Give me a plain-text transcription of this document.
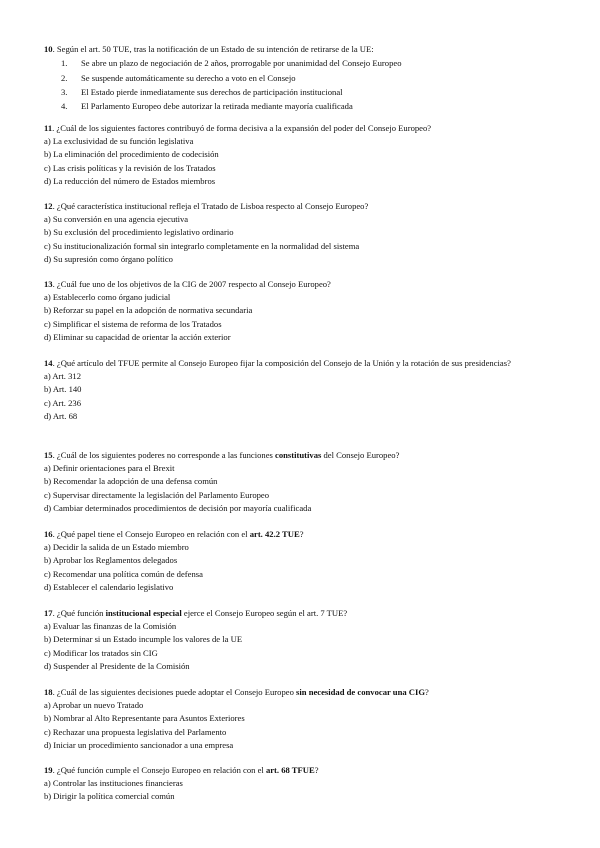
10. Según el art. 50 TUE, tras la notificación de un Estado de su intención de retirarse de la UE:

1. Se abre un plazo de negociación de 2 años, prorrogable por unanimidad del Consejo Europeo
2. Se suspende automáticamente su derecho a voto en el Consejo
3. El Estado pierde inmediatamente sus derechos de participación institucional
4. El Parlamento Europeo debe autorizar la retirada mediante mayoría cualificada

11. ¿Cuál de los siguientes factores contribuyó de forma decisiva a la expansión del poder del Consejo Europeo?

a) La exclusividad de su función legislativa

b) La eliminación del procedimiento de codecisión

c) Las crisis políticas y la revisión de los Tratados

d) La reducción del número de Estados miembros

12. ¿Qué característica institucional refleja el Tratado de Lisboa respecto al Consejo Europeo?

a) Su conversión en una agencia ejecutiva

b) Su exclusión del procedimiento legislativo ordinario

c) Su institucionalización formal sin integrarlo completamente en la normalidad del sistema

d) Su supresión como órgano político

13. ¿Cuál fue uno de los objetivos de la CIG de 2007 respecto al Consejo Europeo?

a) Establecerlo como órgano judicial

b) Reforzar su papel en la adopción de normativa secundaria

c) Simplificar el sistema de reforma de los Tratados

d) Eliminar su capacidad de orientar la acción exterior

14. ¿Qué artículo del TFUE permite al Consejo Europeo fijar la composición del Consejo de la Unión y la rotación de sus presidencias?

a) Art. 312

b) Art. 140

c) Art. 236

d) Art. 68

15. ¿Cuál de los siguientes poderes no corresponde a las funciones constitutivas del Consejo Europeo?

a) Definir orientaciones para el Brexit

b) Recomendar la adopción de una defensa común

c) Supervisar directamente la legislación del Parlamento Europeo

d) Cambiar determinados procedimientos de decisión por mayoría cualificada

16. ¿Qué papel tiene el Consejo Europeo en relación con el art. 42.2 TUE?

a) Decidir la salida de un Estado miembro

b) Aprobar los Reglamentos delegados

c) Recomendar una política común de defensa

d) Establecer el calendario legislativo

17. ¿Qué función institucional especial ejerce el Consejo Europeo según el art. 7 TUE?

a) Evaluar las finanzas de la Comisión

b) Determinar si un Estado incumple los valores de la UE

c) Modificar los tratados sin CIG

d) Suspender al Presidente de la Comisión

18. ¿Cuál de las siguientes decisiones puede adoptar el Consejo Europeo sin necesidad de convocar una CIG?

a) Aprobar un nuevo Tratado

b) Nombrar al Alto Representante para Asuntos Exteriores

c) Rechazar una propuesta legislativa del Parlamento

d) Iniciar un procedimiento sancionador a una empresa

19. ¿Qué función cumple el Consejo Europeo en relación con el art. 68 TFUE?

a) Controlar las instituciones financieras

b) Dirigir la política comercial común
